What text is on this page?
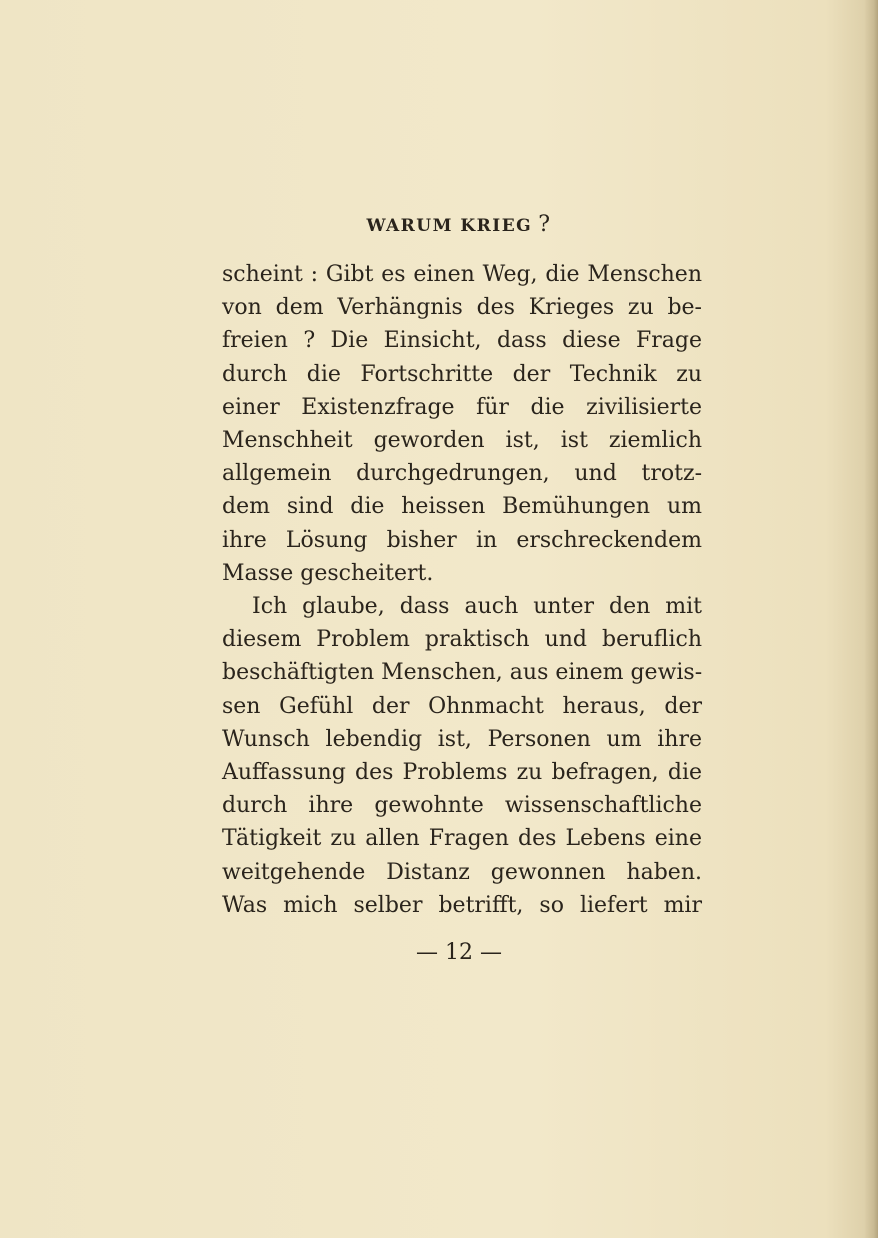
WARUM KRIEG ?
scheint : Gibt es einen Weg, die Menschen
von dem Verhängnis des Krieges zu be-
freien ? Die Einsicht, dass diese Frage
durch die Fortschritte der Technik zu
einer Existenzfrage für die zivilisierte
Menschheit geworden ist, ist ziemlich
allgemein durchgedrungen, und trotz-
dem sind die heissen Bemühungen um
ihre Lösung bisher in erschreckendem
Masse gescheitert.
Ich glaube, dass auch unter den mit
diesem Problem praktisch und beruflich
beschäftigten Menschen, aus einem gewis-
sen Gefühl der Ohnmacht heraus, der
Wunsch lebendig ist, Personen um ihre
Auffassung des Problems zu befragen, die
durch ihre gewohnte wissenschaftliche
Tätigkeit zu allen Fragen des Lebens eine
weitgehende Distanz gewonnen haben.
Was mich selber betrifft, so liefert mir
— 12 —
